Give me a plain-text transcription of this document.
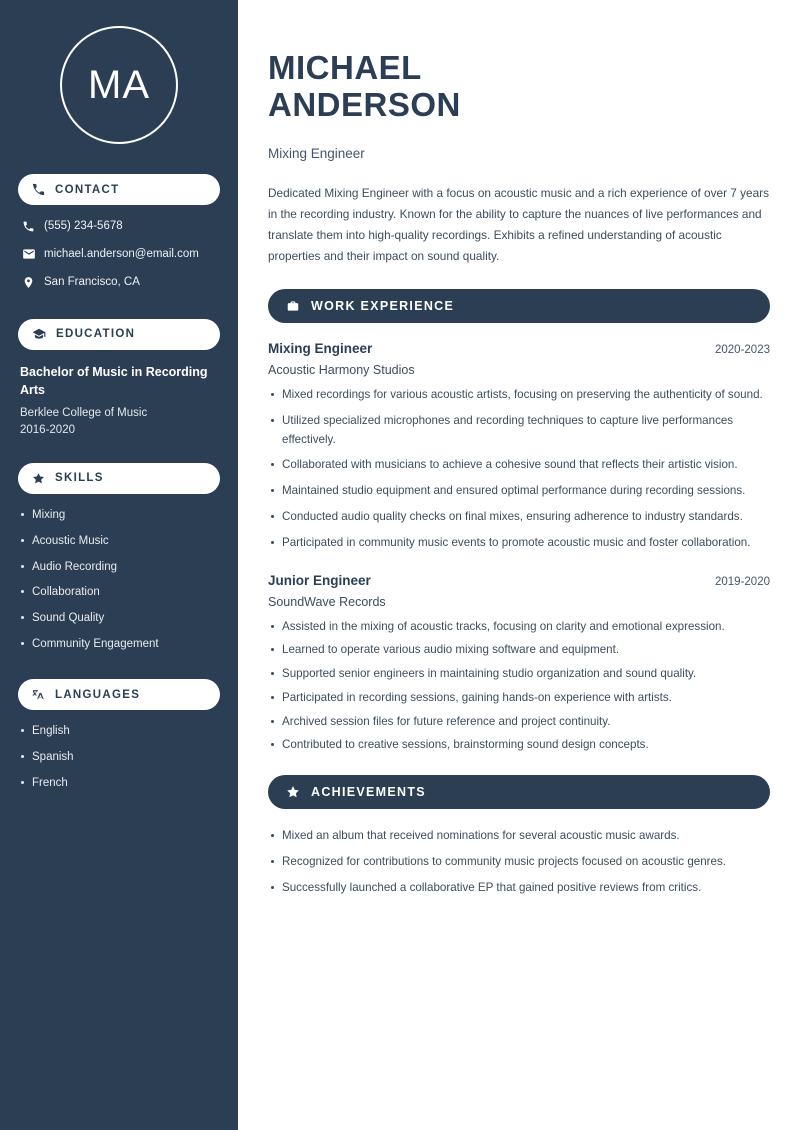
MA
CONTACT
(555) 234-5678
michael.anderson@email.com
San Francisco, CA
EDUCATION
Bachelor of Music in Recording Arts
Berklee College of Music
2016-2020
SKILLS
Mixing
Acoustic Music
Audio Recording
Collaboration
Sound Quality
Community Engagement
LANGUAGES
English
Spanish
French
MICHAEL
ANDERSON
Mixing Engineer

Dedicated Mixing Engineer with a focus on acoustic music and a rich experience of over 7 years in the recording industry. Known for the ability to capture the nuances of live performances and translate them into high-quality recordings. Exhibits a refined understanding of acoustic properties and their impact on sound quality.

WORK EXPERIENCE
Mixing Engineer	2020-2023
Acoustic Harmony Studios
Mixed recordings for various acoustic artists, focusing on preserving the authenticity of sound.
Utilized specialized microphones and recording techniques to capture live performances effectively.
Collaborated with musicians to achieve a cohesive sound that reflects their artistic vision.
Maintained studio equipment and ensured optimal performance during recording sessions.
Conducted audio quality checks on final mixes, ensuring adherence to industry standards.
Participated in community music events to promote acoustic music and foster collaboration.
Junior Engineer	2019-2020
SoundWave Records
Assisted in the mixing of acoustic tracks, focusing on clarity and emotional expression.
Learned to operate various audio mixing software and equipment.
Supported senior engineers in maintaining studio organization and sound quality.
Participated in recording sessions, gaining hands-on experience with artists.
Archived session files for future reference and project continuity.
Contributed to creative sessions, brainstorming sound design concepts.
ACHIEVEMENTS
Mixed an album that received nominations for several acoustic music awards.
Recognized for contributions to community music projects focused on acoustic genres.
Successfully launched a collaborative EP that gained positive reviews from critics.
